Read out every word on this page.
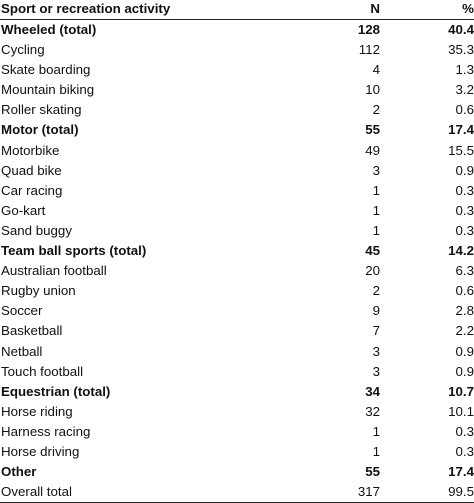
Sport or recreation activity	N	%
Wheeled (total)	128	40.4
Cycling	112	35.3
Skate boarding	4	1.3
Mountain biking	10	3.2
Roller skating	2	0.6
Motor (total)	55	17.4
Motorbike	49	15.5
Quad bike	3	0.9
Car racing	1	0.3
Go-kart	1	0.3
Sand buggy	1	0.3
Team ball sports (total)	45	14.2
Australian football	20	6.3
Rugby union	2	0.6
Soccer	9	2.8
Basketball	7	2.2
Netball	3	0.9
Touch football	3	0.9
Equestrian (total)	34	10.7
Horse riding	32	10.1
Harness racing	1	0.3
Horse driving	1	0.3
Other	55	17.4
Overall total	317	99.5
